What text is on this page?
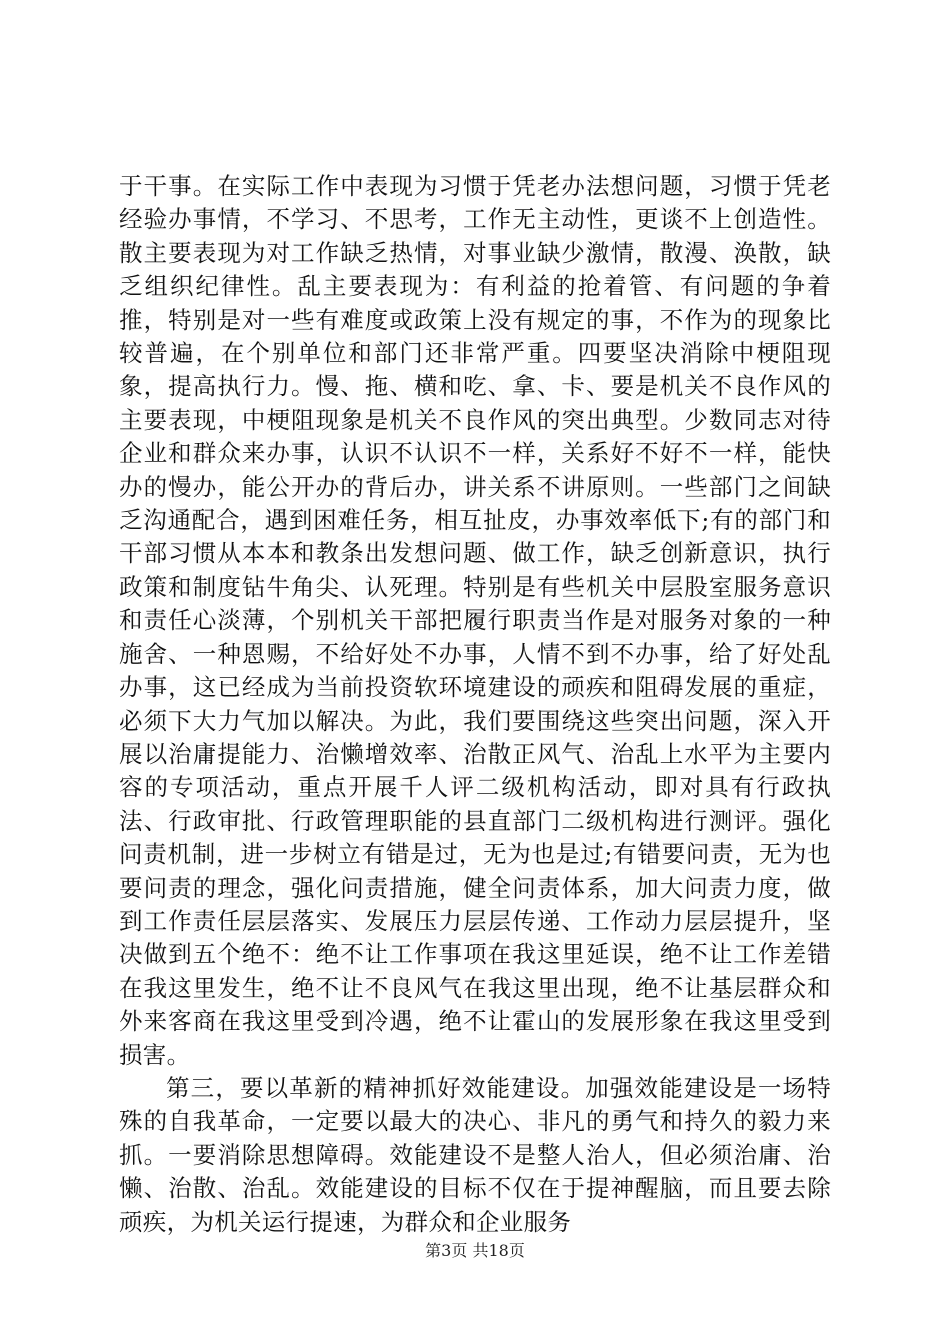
于干事。在实际工作中表现为习惯于凭老办法想问题，习惯于凭老经验办事情，不学习、不思考，工作无主动性，更谈不上创造性。散主要表现为对工作缺乏热情，对事业缺少激情，散漫、涣散，缺乏组织纪律性。乱主要表现为：有利益的抢着管、有问题的争着推，特别是对一些有难度或政策上没有规定的事，不作为的现象比较普遍，在个别单位和部门还非常严重。四要坚决消除中梗阻现象，提高执行力。慢、拖、横和吃、拿、卡、要是机关不良作风的主要表现，中梗阻现象是机关不良作风的突出典型。少数同志对待企业和群众来办事，认识不认识不一样，关系好不好不一样，能快办的慢办，能公开办的背后办，讲关系不讲原则。一些部门之间缺乏沟通配合，遇到困难任务，相互扯皮，办事效率低下;有的部门和干部习惯从本本和教条出发想问题、做工作，缺乏创新意识，执行政策和制度钻牛角尖、认死理。特别是有些机关中层股室服务意识和责任心淡薄，个别机关干部把履行职责当作是对服务对象的一种施舍、一种恩赐，不给好处不办事，人情不到不办事，给了好处乱办事，这已经成为当前投资软环境建设的顽疾和阻碍发展的重症，必须下大力气加以解决。为此，我们要围绕这些突出问题，深入开展以治庸提能力、治懒增效率、治散正风气、治乱上水平为主要内容的专项活动，重点开展千人评二级机构活动，即对具有行政执法、行政审批、行政管理职能的县直部门二级机构进行测评。强化问责机制，进一步树立有错是过，无为也是过;有错要问责，无为也要问责的理念，强化问责措施，健全问责体系，加大问责力度，做到工作责任层层落实、发展压力层层传递、工作动力层层提升，坚决做到五个绝不：绝不让工作事项在我这里延误，绝不让工作差错在我这里发生，绝不让不良风气在我这里出现，绝不让基层群众和外来客商在我这里受到冷遇，绝不让霍山的发展形象在我这里受到损害。

第三，要以革新的精神抓好效能建设。加强效能建设是一场特殊的自我革命，一定要以最大的决心、非凡的勇气和持久的毅力来抓。一要消除思想障碍。效能建设不是整人治人，但必须治庸、治懒、治散、治乱。效能建设的目标不仅在于提神醒脑，而且要去除顽疾，为机关运行提速，为群众和企业服务

第3页 共18页
